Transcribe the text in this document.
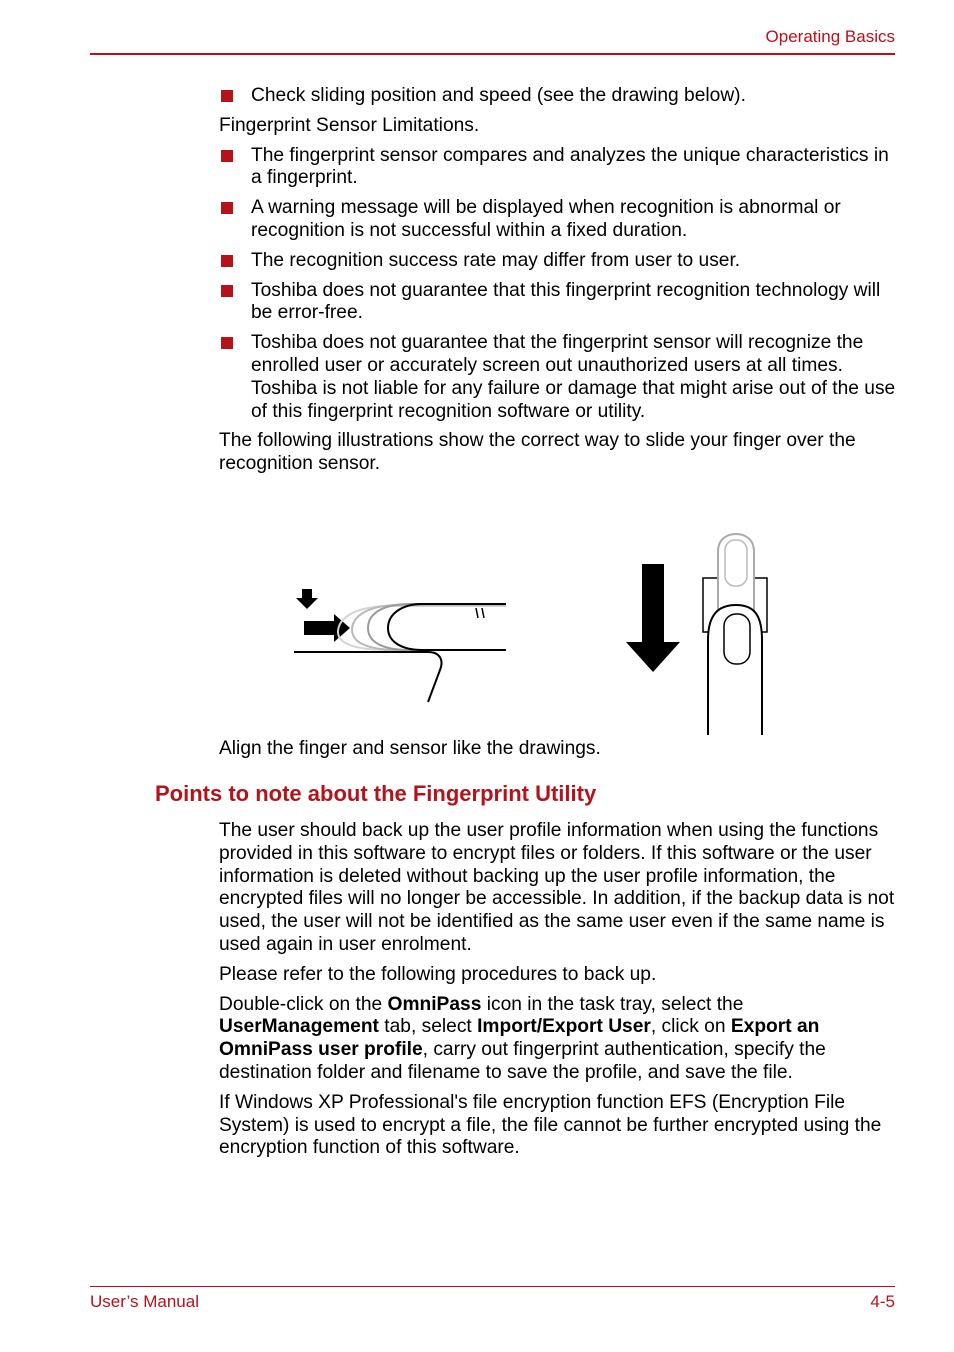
Operating Basics
Check sliding position and speed (see the drawing below).

Fingerprint Sensor Limitations.

The fingerprint sensor compares and analyzes the unique characteristics in a fingerprint.
A warning message will be displayed when recognition is abnormal or recognition is not successful within a fixed duration.
The recognition success rate may differ from user to user.
Toshiba does not guarantee that this fingerprint recognition technology will be error-free.
Toshiba does not guarantee that the fingerprint sensor will recognize the enrolled user or accurately screen out unauthorized users at all times. Toshiba is not liable for any failure or damage that might arise out of the use of this fingerprint recognition software or utility.

The following illustrations show the correct way to slide your finger over the recognition sensor.

Align the finger and sensor like the drawings.

Points to note about the Fingerprint Utility

The user should back up the user profile information when using the functions provided in this software to encrypt files or folders. If this software or the user information is deleted without backing up the user profile information, the encrypted files will no longer be accessible. In addition, if the backup data is not used, the user will not be identified as the same user even if the same name is used again in user enrolment.

Please refer to the following procedures to back up.

Double-click on the OmniPass icon in the task tray, select the UserManagement tab, select Import/Export User, click on Export an OmniPass user profile, carry out fingerprint authentication, specify the destination folder and filename to save the profile, and save the file.

If Windows XP Professional's file encryption function EFS (Encryption File System) is used to encrypt a file, the file cannot be further encrypted using the encryption function of this software.

User’s Manual	4-5
